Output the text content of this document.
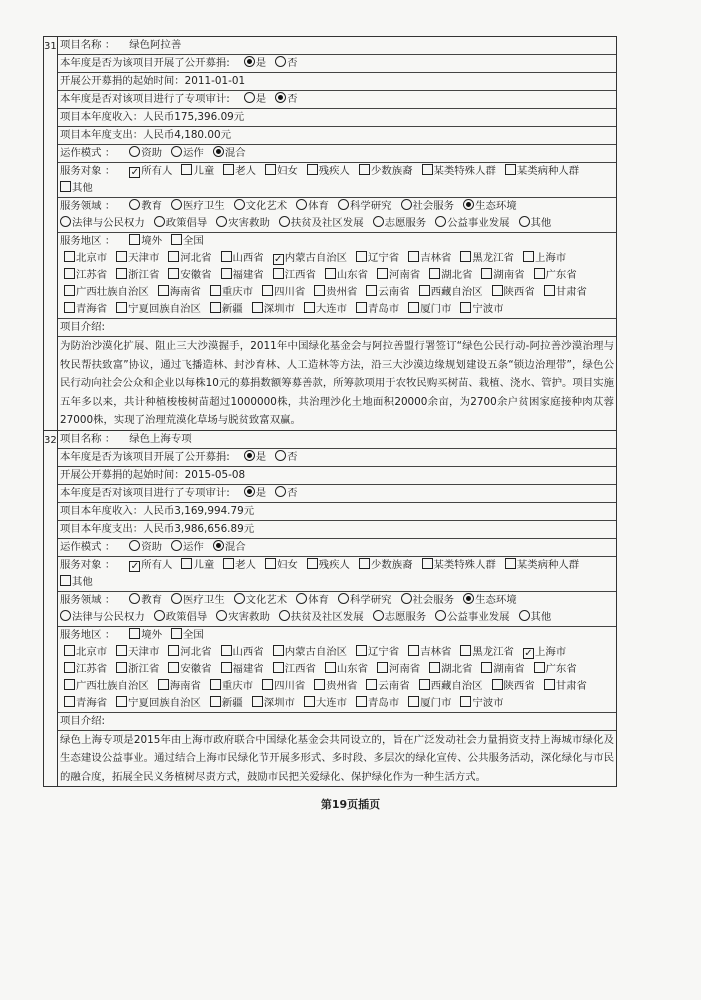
31 项目名称 ： 绿色阿拉善
本年度是否为该项目开展了公开募捐:	是 否
开展公开募捐的起始时间：2011-01-01
本年度是否对该项目进行了专项审计:	是 否
项目本年度收入：人民币175,396.09元
项目本年度支出：人民币4,180.00元
运作模式 ：	资助 运作 混合
服务对象 ： ✓ 所有人 儿童 老人 妇女 残疾人 少数族裔 某类特殊人群 某类病种人群其他
服务领域 ：	教育 医疗卫生 文化艺术 体育 科学研究 社会服务 生态环境法律与公民权力 政策倡导 灾害救助 扶贫及社区发展 志愿服务 公益事业发展 其他
服务地区 ：	境外 全国
北京市 天津市 河北省 山西省 ✓ 内蒙古自治区 辽宁省 吉林省 黑龙江省 上海市江苏省 浙江省 安徽省 福建省 江西省 山东省 河南省 湖北省 湖南省 广东省广西壮族自治区 海南省 重庆市 四川省 贵州省 云南省 西藏自治区 陕西省 甘肃省青海省 宁夏回族自治区 新疆 深圳市 大连市 青岛市 厦门市 宁波市
项目介绍:
为防治沙漠化扩展、阻止三大沙漠握手，2011年中国绿化基金会与阿拉善盟行署签订“绿色公民行动-阿拉善沙漠治理与牧民帮扶致富”协议，通过飞播造林、封沙育林、人工造林等方法，沿三大沙漠边缘规划建设五条“锁边治理带”，绿色公民行动向社会公众和企业以每株10元的募捐数额筹募善款，所筹款项用于农牧民购买树苗、栽植、浇水、管护。项目实施五年多以来，共计种植梭梭树苗超过1000000株，共治理沙化土地面积20000余亩，为2700余户贫困家庭接种肉苁蓉27000株，实现了治理荒漠化草场与脱贫致富双赢。
32 项目名称 ： 绿色上海专项
本年度是否为该项目开展了公开募捐:	是 否
开展公开募捐的起始时间：2015-05-08
本年度是否对该项目进行了专项审计:	是 否
项目本年度收入：人民币3,169,994.79元
项目本年度支出：人民币3,986,656.89元
运作模式 ：	资助 运作 混合
服务对象 ： ✓ 所有人 儿童 老人 妇女 残疾人 少数族裔 某类特殊人群 某类病种人群其他
服务领域 ：	教育 医疗卫生 文化艺术 体育 科学研究 社会服务 生态环境法律与公民权力 政策倡导 灾害救助 扶贫及社区发展 志愿服务 公益事业发展 其他
服务地区 ：	境外 全国
北京市 天津市 河北省 山西省 内蒙古自治区 辽宁省 吉林省 黑龙江省 ✓ 上海市江苏省 浙江省 安徽省 福建省 江西省 山东省 河南省 湖北省 湖南省 广东省广西壮族自治区 海南省 重庆市 四川省 贵州省 云南省 西藏自治区 陕西省 甘肃省青海省 宁夏回族自治区 新疆 深圳市 大连市 青岛市 厦门市 宁波市
项目介绍:
绿色上海专项是2015年由上海市政府联合中国绿化基金会共同设立的，旨在广泛发动社会力量捐资支持上海城市绿化及生态建设公益事业。通过结合上海市民绿化节开展多形式、多时段、多层次的绿化宣传、公共服务活动，深化绿化与市民的融合度，拓展全民义务植树尽责方式，鼓励市民把关爱绿化、保护绿化作为一种生活方式。
第19页插页
